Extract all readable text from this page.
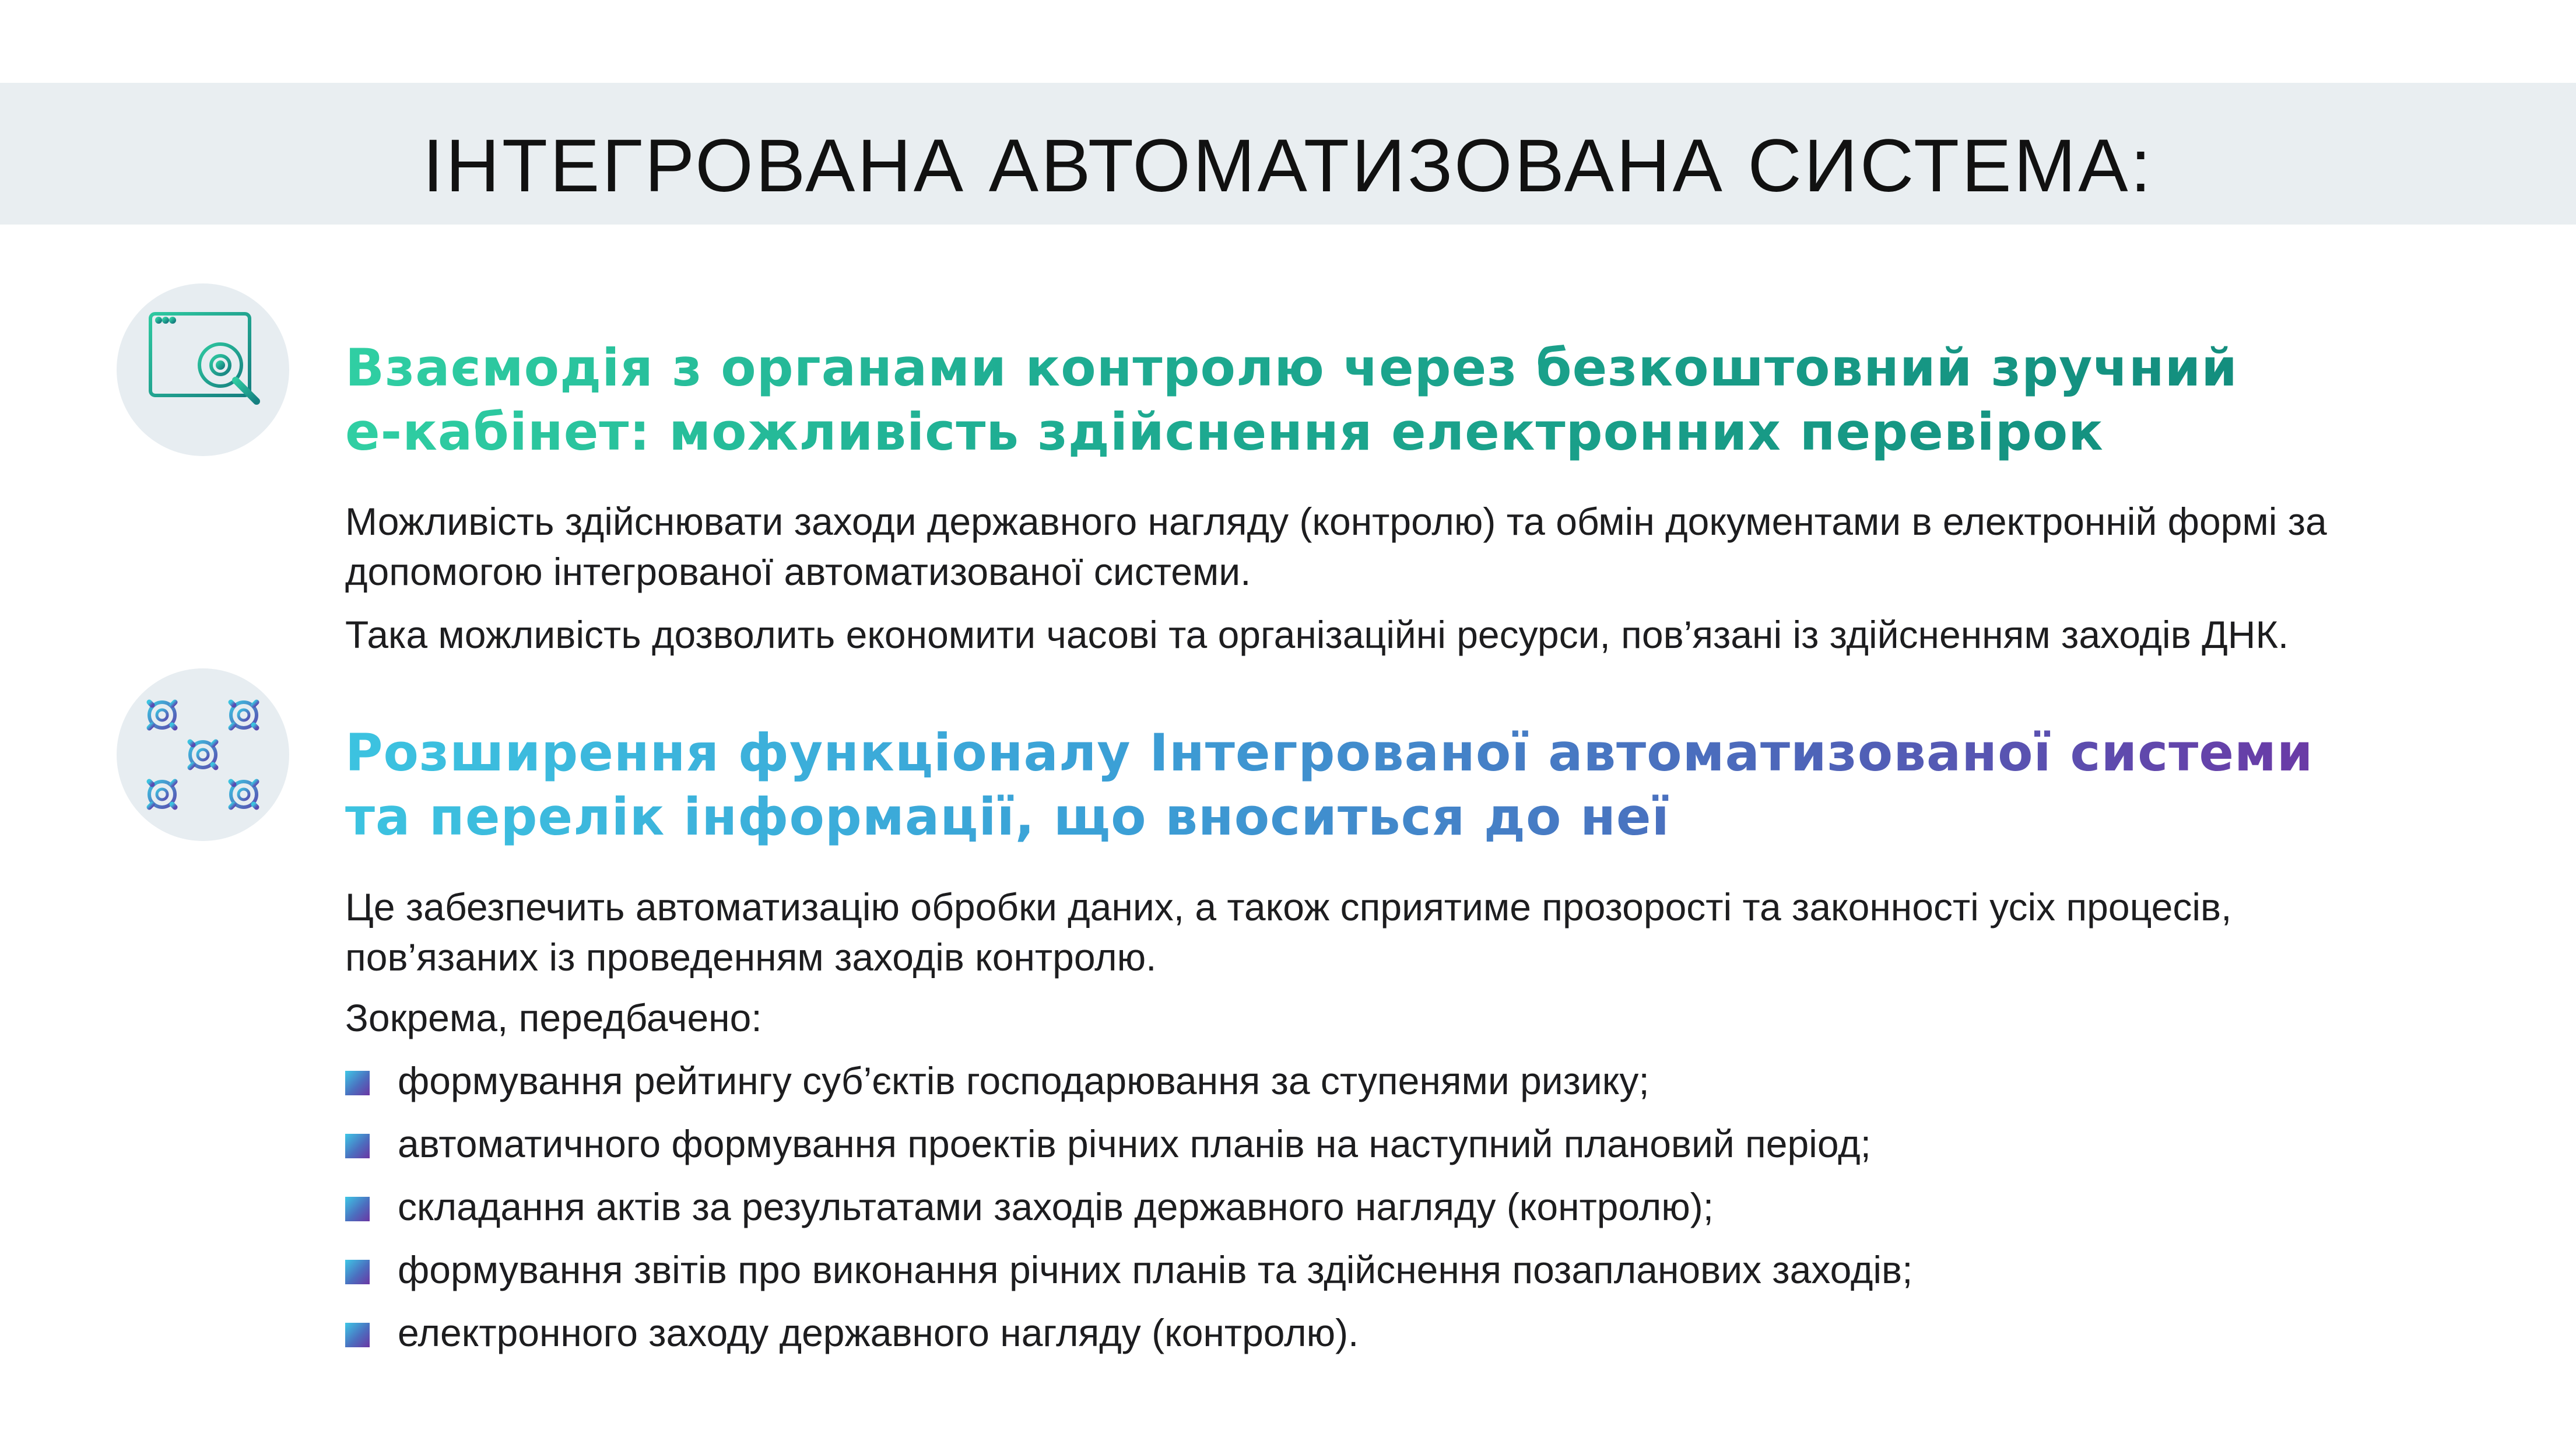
ІНТЕГРОВАНА АВТОМАТИЗОВАНА СИСТЕМА:
Взаємодія з органами контролю через безкоштовний зручний
е-кабінет: можливість здійснення електронних перевірок
Можливість здійснювати заходи державного нагляду (контролю) та обмін документами в електронній формі за
допомогою інтегрованої автоматизованої системи.
Така можливість дозволить економити часові та організаційні ресурси, пов’язані із здійсненням заходів ДНК.
Розширення функціоналу Інтегрованої автоматизованої системи
та перелік інформації, що вноситься до неї
Це забезпечить автоматизацію обробки даних, а також сприятиме прозорості та законності усіх процесів,
пов’язаних із проведенням заходів контролю.
Зокрема, передбачено:
формування рейтингу суб’єктів господарювання за ступенями ризику;
автоматичного формування проектів річних планів на наступний плановий період;
складання актів за результатами заходів державного нагляду (контролю);
формування звітів про виконання річних планів та здійснення позапланових заходів;
електронного заходу державного нагляду (контролю).
